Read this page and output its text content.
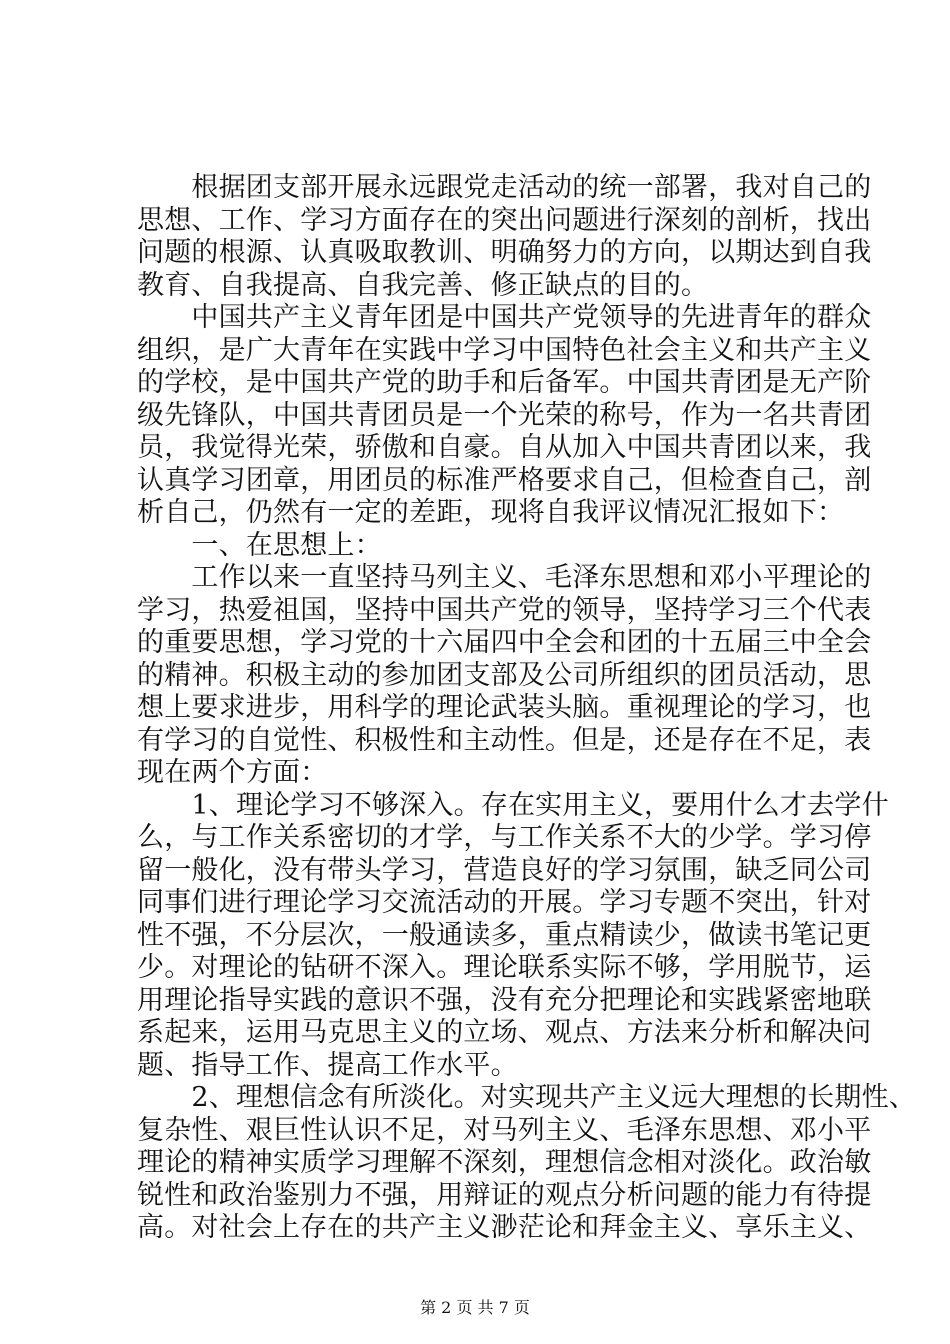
　　根据团支部开展永远跟党走活动的统一部署，我对自己的
思想、工作、学习方面存在的突出问题进行深刻的剖析，找出
问题的根源、认真吸取教训、明确努力的方向，以期达到自我
教育、自我提高、自我完善、修正缺点的目的。
　　中国共产主义青年团是中国共产党领导的先进青年的群众
组织，是广大青年在实践中学习中国特色社会主义和共产主义
的学校，是中国共产党的助手和后备军。中国共青团是无产阶
级先锋队，中国共青团员是一个光荣的称号，作为一名共青团
员，我觉得光荣，骄傲和自豪。自从加入中国共青团以来，我
认真学习团章，用团员的标准严格要求自己，但检查自己，剖
析自己，仍然有一定的差距，现将自我评议情况汇报如下：
　　一、在思想上：
　　工作以来一直坚持马列主义、毛泽东思想和邓小平理论的
学习，热爱祖国，坚持中国共产党的领导，坚持学习三个代表
的重要思想，学习党的十六届四中全会和团的十五届三中全会
的精神。积极主动的参加团支部及公司所组织的团员活动，思
想上要求进步，用科学的理论武装头脑。重视理论的学习，也
有学习的自觉性、积极性和主动性。但是，还是存在不足，表
现在两个方面：
　　1、理论学习不够深入。存在实用主义，要用什么才去学什
么，与工作关系密切的才学，与工作关系不大的少学。学习停
留一般化，没有带头学习，营造良好的学习氛围，缺乏同公司
同事们进行理论学习交流活动的开展。学习专题不突出，针对
性不强，不分层次，一般通读多，重点精读少，做读书笔记更
少。对理论的钻研不深入。理论联系实际不够，学用脱节，运
用理论指导实践的意识不强，没有充分把理论和实践紧密地联
系起来，运用马克思主义的立场、观点、方法来分析和解决问
题、指导工作、提高工作水平。
　　2、理想信念有所淡化。对实现共产主义远大理想的长期性、
复杂性、艰巨性认识不足，对马列主义、毛泽东思想、邓小平
理论的精神实质学习理解不深刻，理想信念相对淡化。政治敏
锐性和政治鉴别力不强，用辩证的观点分析问题的能力有待提
高。对社会上存在的共产主义渺茫论和拜金主义、享乐主义、
第 2 页 共 7 页
